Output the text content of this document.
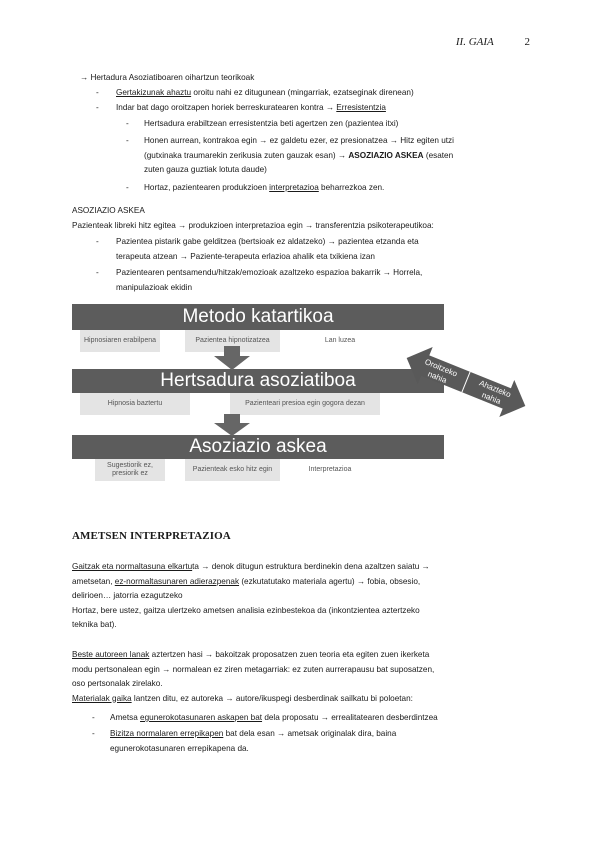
II. GAIA	2
→ Hertadura Asoziatiboaren oihartzun teorikoak
- Gertakizunak ahaztu oroitu nahi ez ditugunean (mingarriak, ezatseginak direnean)
- Indar bat dago oroitzapen horiek berreskuratearen kontra → Erresistentzia
- Hertsadura erabiltzean erresistentzia beti agertzen zen (pazientea itxi)
- Honen aurrean, kontrakoa egin → ez galdetu ezer, ez presionatzea → Hitz egiten utzi
(gutxinaka traumarekin zerikusia zuten gauzak esan) → ASOZIAZIO ASKEA (esaten
zuten gauza guztiak lotuta daude)
- Hortaz, pazientearen produkzioen interpretazioa beharrezkoa zen.
ASOZIAZIO ASKEA
Pazienteak libreki hitz egitea → produkzioen interpretazioa egin → transferentzia psikoterapeutikoa:
- Pazientea pistarik gabe gelditzea (bertsioak ez aldatzeko) → pazientea etzanda eta
terapeuta atzean → Paziente-terapeuta erlazioa ahalik eta txikiena izan
- Pazientearen pentsamendu/hitzak/emozioak azaltzeko espazioa bakarrik → Horrela,
manipulazioak ekidin
Metodo katartikoa
Hipnosiaren erabilpena	Pazientea hipnotizatzea	Lan luzea
Hertsadura asoziatiboa
Hipnosia baztertu	Pazienteari presioa egin gogora dezan
Asoziazio askea
Sugestiorik ez, presiorik ez
Pazienteak esko hitz egin	Interpretazioa
Oroitzeko nahia
Ahazteko nahia
AMETSEN INTERPRETAZIOA
Gaitzak eta normaltasuna elkartuta → denok ditugun estruktura berdinekin dena azaltzen saiatu →
ametsetan, ez-normaltasunaren adierazpenak (ezkutatutako materiala agertu) → fobia, obsesio,
delirioen… jatorria ezagutzeko
Hortaz, bere ustez, gaitza ulertzeko ametsen analisia ezinbestekoa da (inkontzientea aztertzeko
teknika bat).
Beste autoreen lanak aztertzen hasi → bakoitzak proposatzen zuen teoria eta egiten zuen ikerketa
modu pertsonalean egin → normalean ez ziren metagarriak: ez zuten aurrerapausu bat suposatzen,
oso pertsonalak zirelako.
Materialak gaika lantzen ditu, ez autoreka → autore/ikuspegi desberdinak sailkatu bi poloetan:
- Ametsa egunerokotasunaren askapen bat dela proposatu → errealitatearen desberdintzea
- Bizitza normalaren errepikapen bat dela esan → ametsak originalak dira, baina
egunerokotasunaren errepikapena da.
